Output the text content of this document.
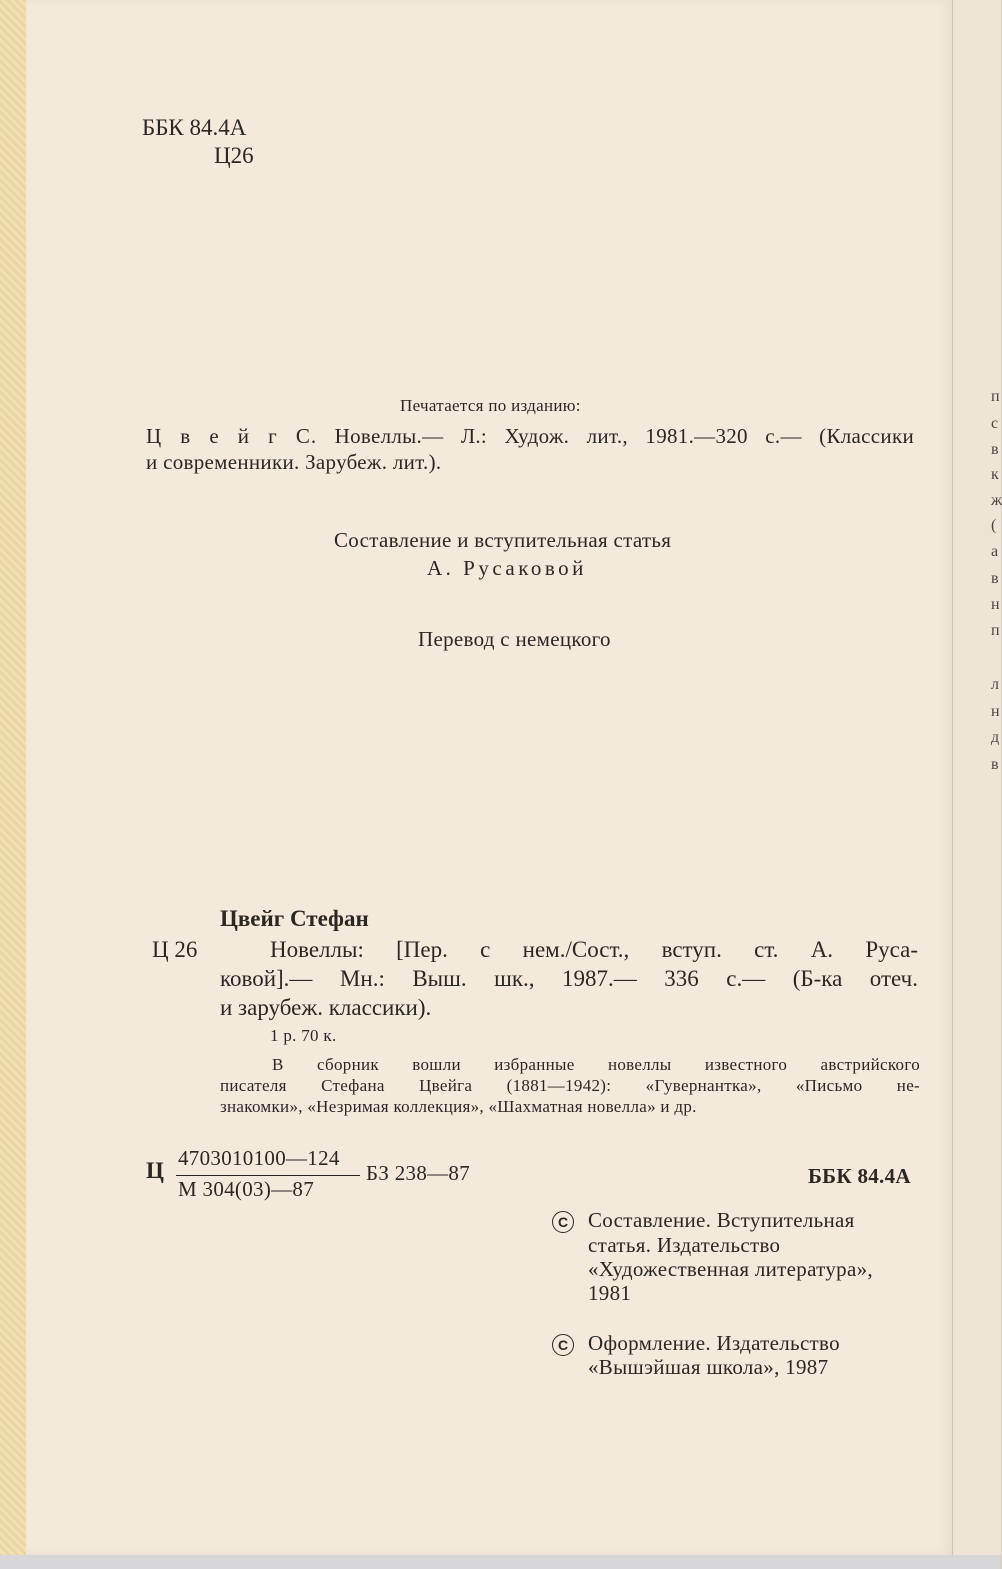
п
с
в
к
ж
(
а
в
н
п
л
н
д
в
ББК 84.4А
Ц26
Печатается по изданию:
Ц в е й г С. Новеллы.— Л.: Худож. лит., 1981.—320 с.— (Классики
и современники. Зарубеж. лит.).
Составление и вступительная статья
А. Русаковой
Перевод с немецкого
Цвейг Стефан
Ц 26	Новеллы: [Пер. с нем./Сост., вступ. ст. А. Руса-
ковой].— Мн.: Выш. шк., 1987.— 336 с.— (Б-ка отеч.
и зарубеж. классики).
1 р. 70 к.
В сборник вошли избранные новеллы известного австрийского
писателя Стефана Цвейга (1881—1942): «Гувернантка», «Письмо не-
знакомки», «Незримая коллекция», «Шахматная новелла» и др.
Ц 4703010100—124
М 304(03)—87
БЗ 238—87	ББК 84.4А
С Составление. Вступительная
статья. Издательство
«Художественная литература»,
1981
С Оформление. Издательство
«Вышэйшая школа», 1987
